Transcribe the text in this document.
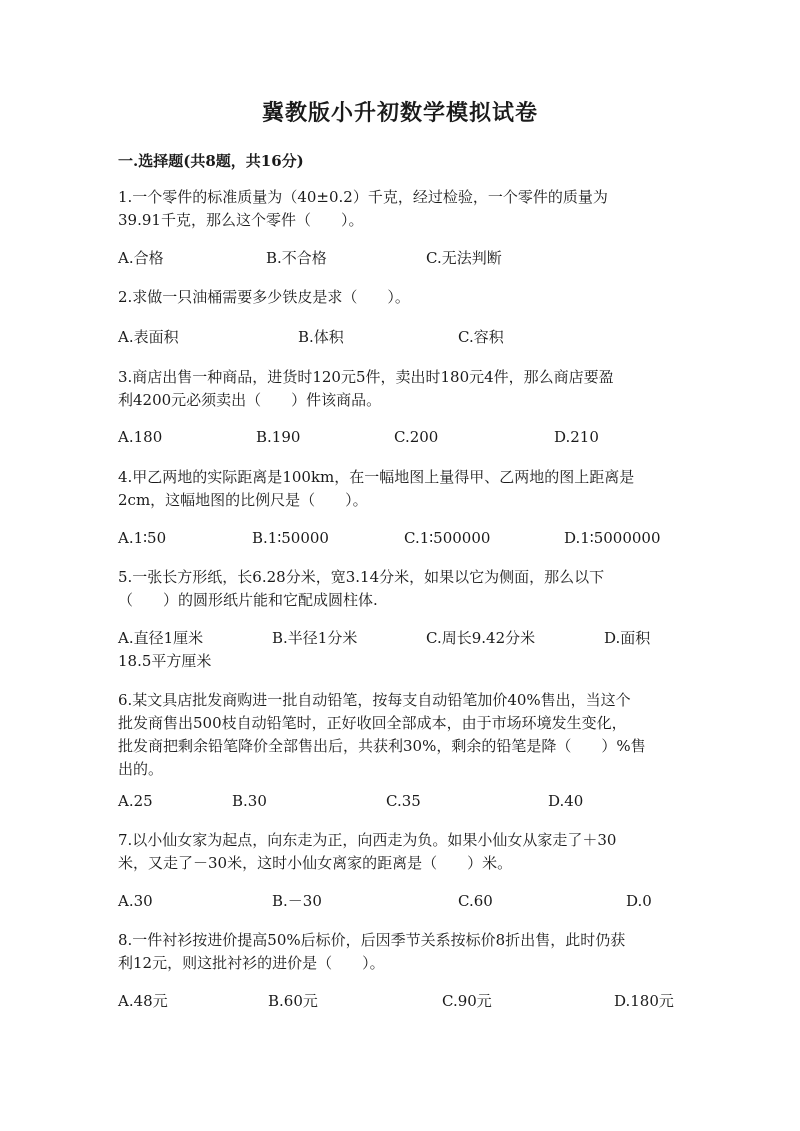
冀教版小升初数学模拟试卷
一.选择题(共8题，共16分)
1.一个零件的标准质量为（40±0.2）千克，经过检验，一个零件的质量为
39.91千克，那么这个零件（　　）。
A.合格	B.不合格	C.无法判断
2.求做一只油桶需要多少铁皮是求（　　）。
A.表面积	B.体积	C.容积
3.商店出售一种商品，进货时120元5件，卖出时180元4件，那么商店要盈
利4200元必须卖出（　　）件该商品。
A.180	B.190	C.200	D.210
4.甲乙两地的实际距离是100km，在一幅地图上量得甲、乙两地的图上距离是
2cm，这幅地图的比例尺是（　　）。
A.1∶50	B.1∶50000	C.1∶500000	D.1∶5000000
5.一张长方形纸，长6.28分米，宽3.14分米，如果以它为侧面，那么以下
（　　）的圆形纸片能和它配成圆柱体.
A.直径1厘米	B.半径1分米	C.周长9.42分米	D.面积
18.5平方厘米
6.某文具店批发商购进一批自动铅笔，按每支自动铅笔加价40%售出，当这个
批发商售出500枝自动铅笔时，正好收回全部成本，由于市场环境发生变化，
批发商把剩余铅笔降价全部售出后，共获利30%，剩余的铅笔是降（　　）%售
出的。
A.25	B.30	C.35	D.40
7.以小仙女家为起点，向东走为正，向西走为负。如果小仙女从家走了＋30
米，又走了－30米，这时小仙女离家的距离是（　　）米。
A.30	B.－30	C.60	D.0
8.一件衬衫按进价提高50%后标价，后因季节关系按标价8折出售，此时仍获
利12元，则这批衬衫的进价是（　　）。
A.48元	B.60元	C.90元	D.180元
